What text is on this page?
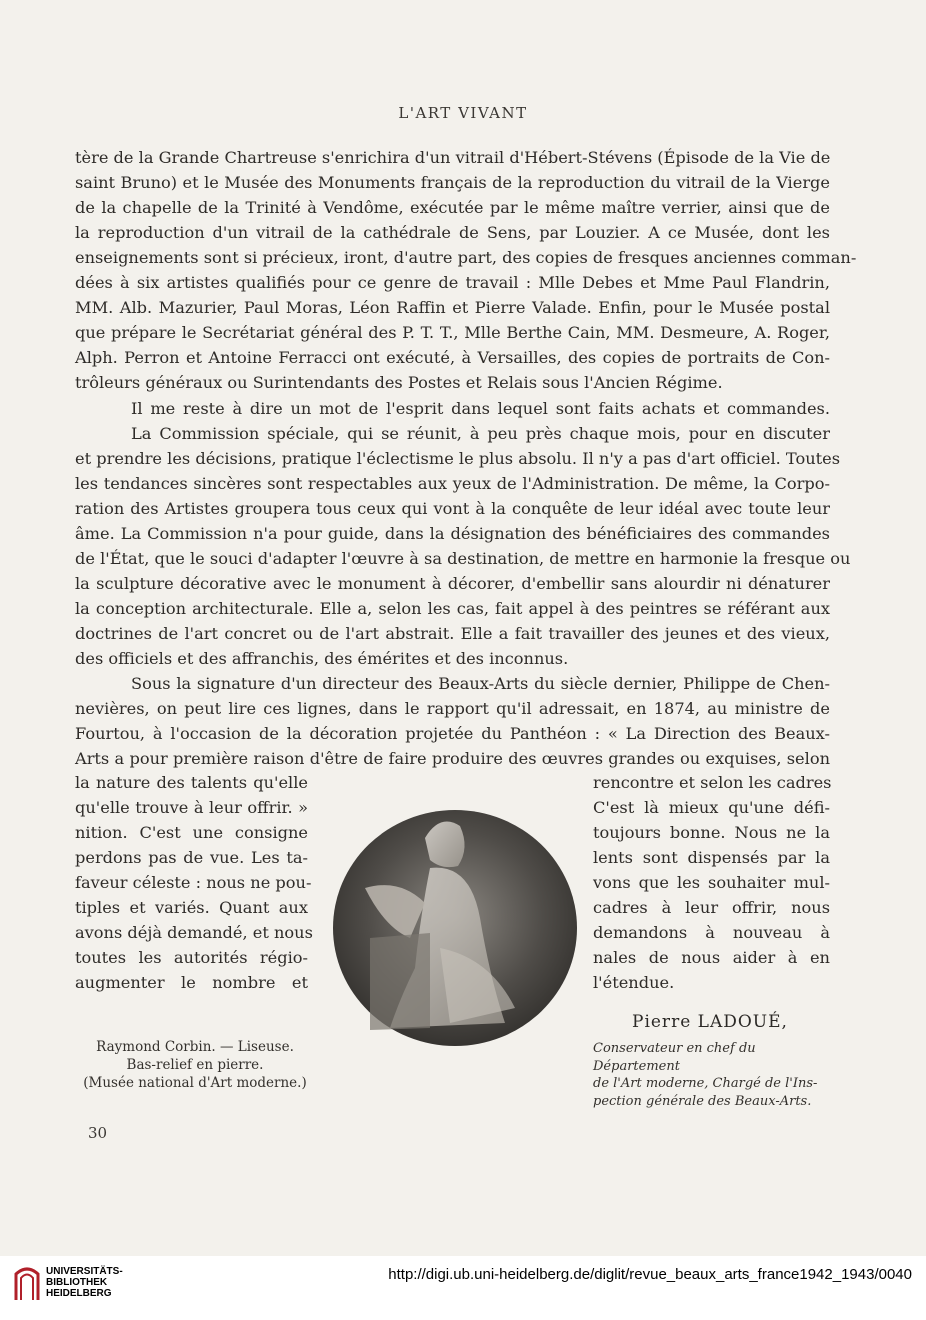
L'ART VIVANT
tère de la Grande Chartreuse s'enrichira d'un vitrail d'Hébert-Stévens (Épisode de la Vie de
saint Bruno) et le Musée des Monuments français de la reproduction du vitrail de la Vierge
de la chapelle de la Trinité à Vendôme, exécutée par le même maître verrier, ainsi que de
la reproduction d'un vitrail de la cathédrale de Sens, par Louzier. A ce Musée, dont les
enseignements sont si précieux, iront, d'autre part, des copies de fresques anciennes comman-
dées à six artistes qualifiés pour ce genre de travail : Mlle Debes et Mme Paul Flandrin,
MM. Alb. Mazurier, Paul Moras, Léon Raffin et Pierre Valade. Enfin, pour le Musée postal
que prépare le Secrétariat général des P. T. T., Mlle Berthe Cain, MM. Desmeure, A. Roger,
Alph. Perron et Antoine Ferracci ont exécuté, à Versailles, des copies de portraits de Con-
trôleurs généraux ou Surintendants des Postes et Relais sous l'Ancien Régime.
Il me reste à dire un mot de l'esprit dans lequel sont faits achats et commandes.
La Commission spéciale, qui se réunit, à peu près chaque mois, pour en discuter
et prendre les décisions, pratique l'éclectisme le plus absolu. Il n'y a pas d'art officiel. Toutes
les tendances sincères sont respectables aux yeux de l'Administration. De même, la Corpo-
ration des Artistes groupera tous ceux qui vont à la conquête de leur idéal avec toute leur
âme. La Commission n'a pour guide, dans la désignation des bénéficiaires des commandes
de l'État, que le souci d'adapter l'œuvre à sa destination, de mettre en harmonie la fresque ou
la sculpture décorative avec le monument à décorer, d'embellir sans alourdir ni dénaturer
la conception architecturale. Elle a, selon les cas, fait appel à des peintres se référant aux
doctrines de l'art concret ou de l'art abstrait. Elle a fait travailler des jeunes et des vieux,
des officiels et des affranchis, des émérites et des inconnus.
Sous la signature d'un directeur des Beaux-Arts du siècle dernier, Philippe de Chen-
nevières, on peut lire ces lignes, dans le rapport qu'il adressait, en 1874, au ministre de
Fourtou, à l'occasion de la décoration projetée du Panthéon : « La Direction des Beaux-
Arts a pour première raison d'être de faire produire des œuvres grandes ou exquises, selon
la nature des talents qu'elle
qu'elle trouve à leur offrir. »
nition. C'est une consigne
perdons pas de vue. Les ta-
faveur céleste : nous ne pou-
tiples et variés. Quant aux
avons déjà demandé, et nous
toutes les autorités régio-
augmenter le nombre et
rencontre et selon les cadres
C'est là mieux qu'une défi-
toujours bonne. Nous ne la
lents sont dispensés par la
vons que les souhaiter mul-
cadres à leur offrir, nous
demandons à nouveau à
nales de nous aider à en
l'étendue.
Pierre LADOUÉ,
Raymond Corbin. — Liseuse.
Bas-relief en pierre.
(Musée national d'Art moderne.)
Conservateur en chef du Département
de l'Art moderne, Chargé de l'Ins-
pection générale des Beaux-Arts.
30
UNIVERSITÄTS-
BIBLIOTHEK
HEIDELBERG
http://digi.ub.uni-heidelberg.de/diglit/revue_beaux_arts_france1942_1943/0040
